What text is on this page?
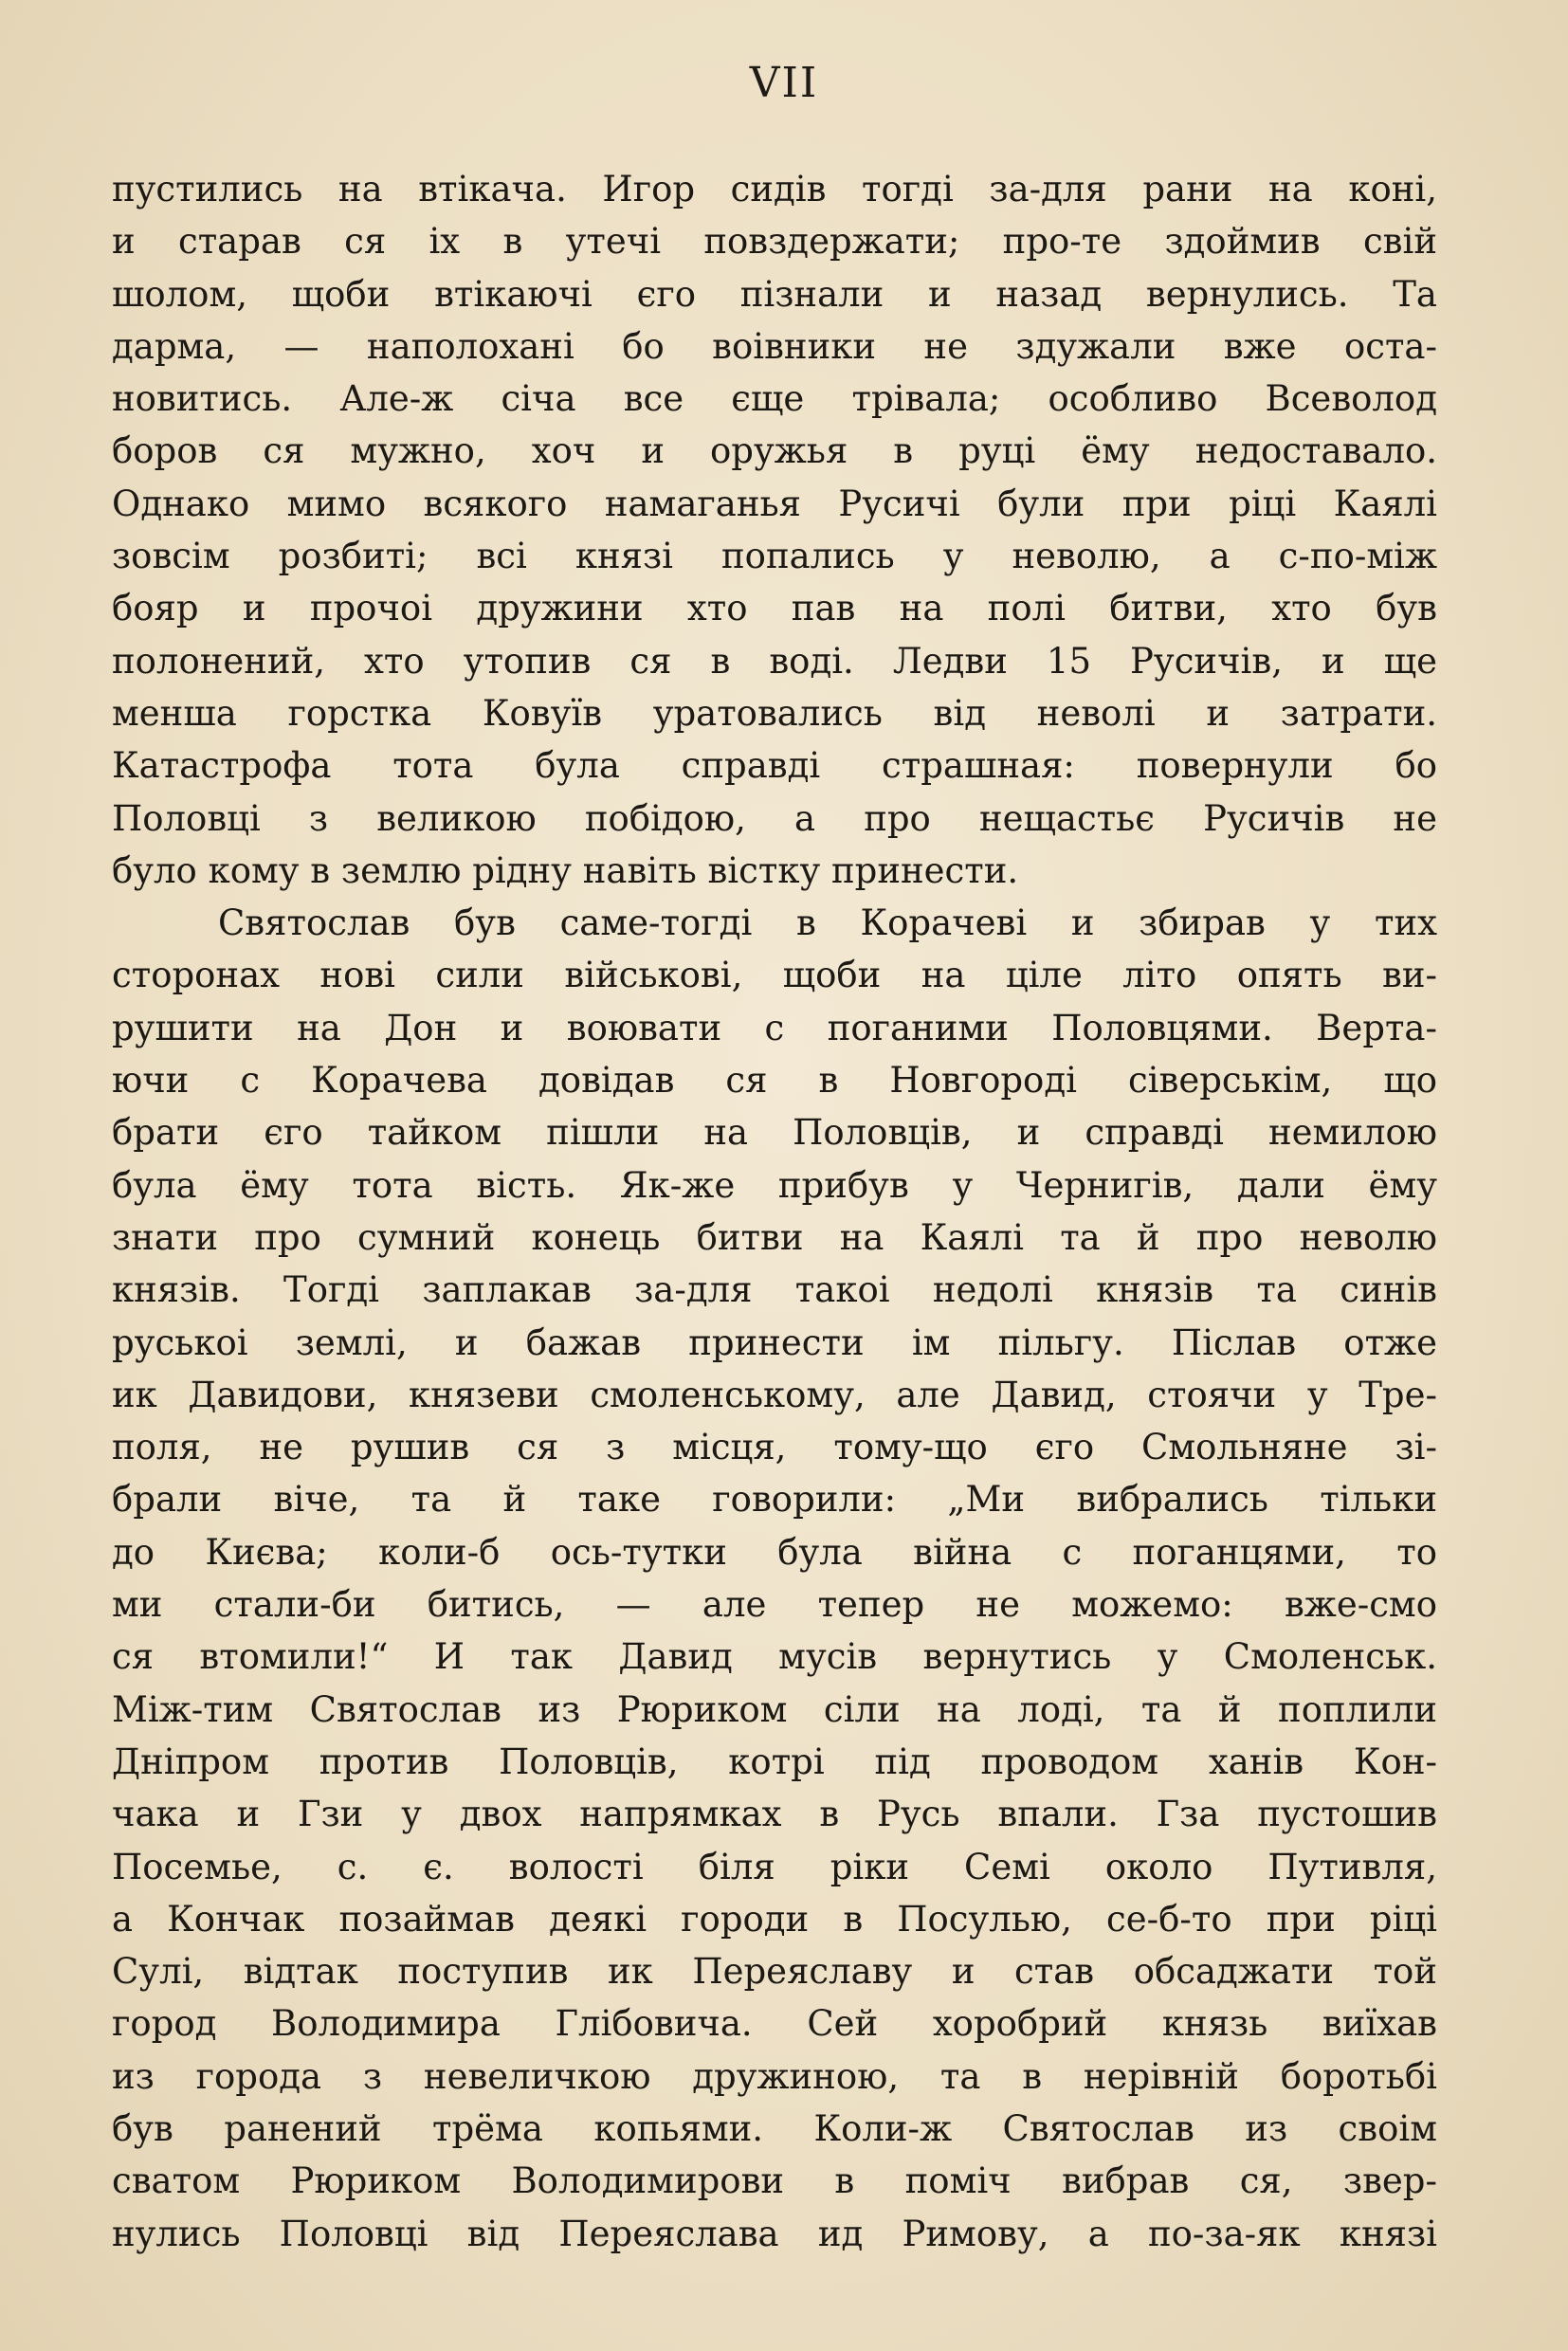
VII
пустились на втікача. Игор сидів тогді за-для рани на коні,
и старав ся іх в утечі повздержати; про-те здоймив свій
шолом, щоби втікаючі єго пізнали и назад вернулись. Та
дарма, — наполохані бо воівники не здужали вже оста-
новитись. Але-ж січа все єще трівала; особливо Всеволод
боров ся мужно, хоч и оружья в руці ёму недоставало.
Однако мимо всякого намаганья Русичі були при ріці Каялі
зовсім розбиті; всі князі попались у неволю, а с-по-між
бояр и прочоі дружини хто пав на полі битви, хто був
полонений, хто утопив ся в воді. Ледви 15 Русичів, и ще
менша горстка Ковуїв уратовались від неволі и затрати.
Катастрофа тота була справді страшная: повернули бо
Половці з великою побідою, а про нещастьє Русичів не
було кому в землю рідну навіть вістку принести.
Святослав був саме-тогді в Корачеві и збирав у тих
сторонах нові сили військові, щоби на ціле літо опять ви-
рушити на Дон и воювати с поганими Половцями. Верта-
ючи с Корачева довідав ся в Новгороді сіверськім, що
брати єго тайком пішли на Половців, и справді немилою
була ёму тота вість. Як-же прибув у Чернигів, дали ёму
знати про сумний конець битви на Каялі та й про неволю
князів. Тогді заплакав за-для такоі недолі князів та синів
руськоі землі, и бажав принести ім пільгу. Післав отже
ик Давидови, князеви смоленському, але Давид, стоячи у Тре-
поля, не рушив ся з місця, тому-що єго Смольняне зі-
брали віче, та й таке говорили: „Ми вибрались тільки
до Києва; коли-б ось-тутки була війна с поганцями, то
ми стали-би битись, — але тепер не можемо: вже-смо
ся втомили!“ И так Давид мусів вернутись у Смоленськ.
Між-тим Святослав из Рюриком сіли на лоді, та й поплили
Дніпром против Половців, котрі під проводом ханів Кон-
чака и Гзи у двох напрямках в Русь впали. Гза пустошив
Посемье, с. є. волості біля ріки Семі около Путивля,
а Кончак позаймав деякі городи в Посулью, се-б-то при ріці
Сулі, відтак поступив ик Переяславу и став обсаджати той
город Володимира Глібовича. Сей хоробрий князь виїхав
из города з невеличкою дружиною, та в нерівній боротьбі
був ранений трёма копьями. Коли-ж Святослав из своім
сватом Рюриком Володимирови в поміч вибрав ся, звер-
нулись Половці від Переяслава ид Римову, а по-за-як князі
